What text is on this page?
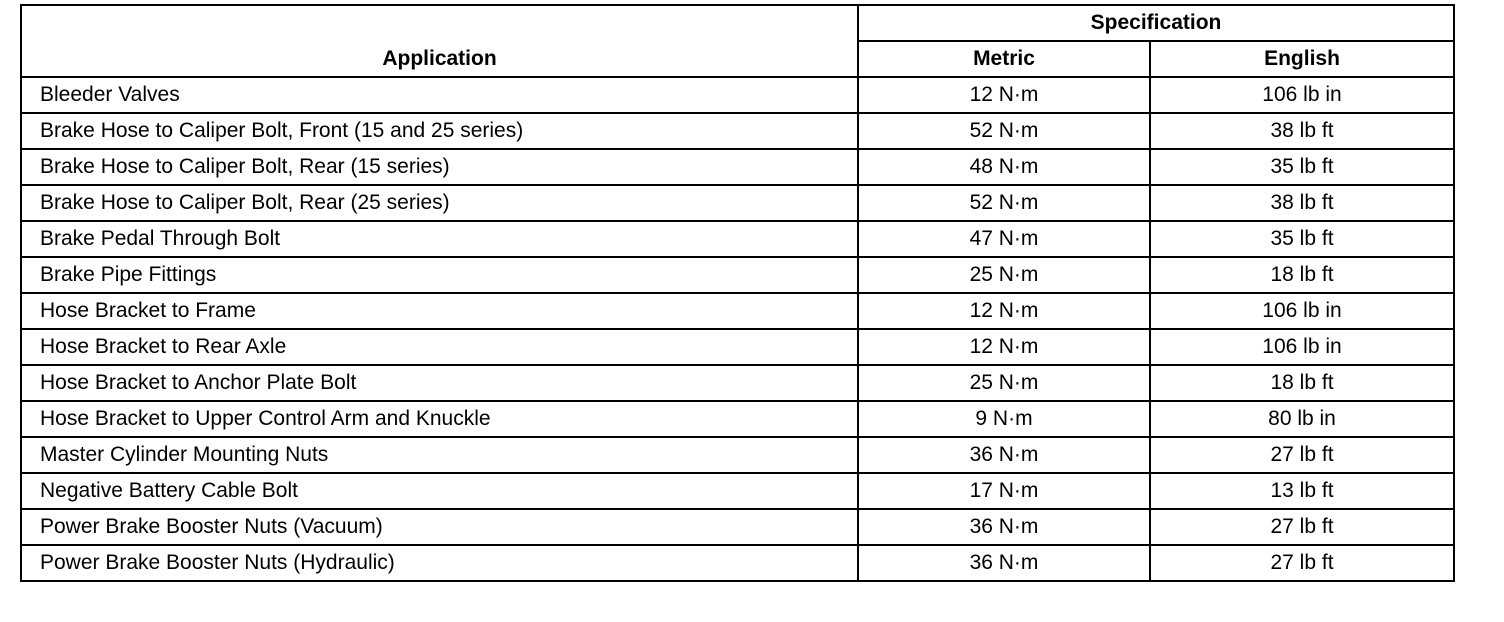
Application	Specification	
	Metric	English
Bleeder Valves	12 N·m	106 lb in
Brake Hose to Caliper Bolt, Front (15 and 25 series)	52 N·m	38 lb ft
Brake Hose to Caliper Bolt, Rear (15 series)	48 N·m	35 lb ft
Brake Hose to Caliper Bolt, Rear (25 series)	52 N·m	38 lb ft
Brake Pedal Through Bolt	47 N·m	35 lb ft
Brake Pipe Fittings	25 N·m	18 lb ft
Hose Bracket to Frame	12 N·m	106 lb in
Hose Bracket to Rear Axle	12 N·m	106 lb in
Hose Bracket to Anchor Plate Bolt	25 N·m	18 lb ft
Hose Bracket to Upper Control Arm and Knuckle	9 N·m	80 lb in
Master Cylinder Mounting Nuts	36 N·m	27 lb ft
Negative Battery Cable Bolt	17 N·m	13 lb ft
Power Brake Booster Nuts (Vacuum)	36 N·m	27 lb ft
Power Brake Booster Nuts (Hydraulic)	36 N·m	27 lb ft
